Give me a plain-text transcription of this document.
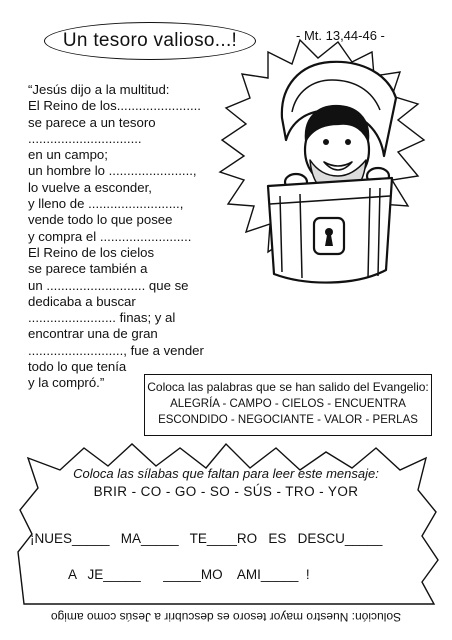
Un tesoro valioso...!	- Mt. 13,44-46 -
“Jesús dijo a la multitud:
El Reino de los.......................
se parece a un tesoro
...............................
en un campo;
un hombre lo .......................,
lo vuelve a esconder,
y lleno de .........................,
vende todo lo que posee
y compra el .........................
El Reino de los cielos
se parece también a
un ........................... que se
dedicaba a buscar
........................ finas; y al
encontrar una de gran
.........................., fue a vender
todo lo que tenía
y la compró.”	Coloca las palabras que se han salido del Evangelio:
ALEGRÍA - CAMPO - CIELOS - ENCUENTRA
ESCONDIDO - NEGOCIANTE - VALOR - PERLAS
Coloca las sílabas que faltan para leer este mensaje:
BRIR - CO - GO - SO - SÚS - TRO - YOR
¡NUES_____   MA_____   TE____RO   ES   DESCU_____
A   JE_____      _____MO    AMI_____  !
Solución: Nuestro mayor tesoro es descubrir a Jesús como amigo
